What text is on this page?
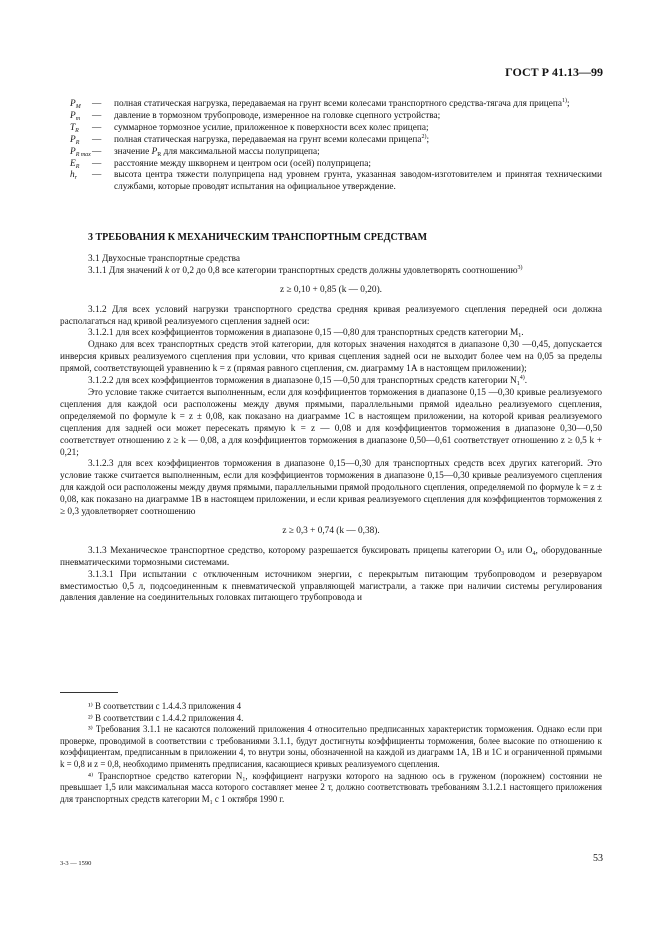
ГОСТ Р 41.13—99
$P_M$	— полная статическая нагрузка, передаваемая на грунт всеми колесами транспортного средства-тягача для прицепа$^{1)}$;
$P_m$	— давление в тормозном трубопроводе, измеренное на головке сцепного устройства;
$T_R$	— суммарное тормозное усилие, приложенное к поверхности всех колес прицепа;
$P_R$	— полная статическая нагрузка, передаваемая на грунт всеми колесами прицепа$^{2)}$;
$P_{R max}$ — значение $P_R$ для максимальной массы полуприцепа;
$E_R$	— расстояние между шкворнем и центром оси (осей) полуприцепа;
$h_r$	— высота центра тяжести полуприцепа над уровнем грунта, указанная заводом-изготовителем и принятая техническими службами, которые проводят испытания на официальное утверждение.

3 ТРЕБОВАНИЯ К МЕХАНИЧЕСКИМ ТРАНСПОРТНЫМ СРЕДСТВАМ

3.1 Двухосные транспортные средства

3.1.1 Для значений k от 0,2 до 0,8 все категории транспортных средств должны удовлетворять соотношению$^{3)}$

z ≥ 0,10 + 0,85 (k — 0,20).

3.1.2 Для всех условий нагрузки транспортного средства средняя кривая реализуемого сцепления передней оси должна располагаться над кривой реализуемого сцепления задней оси:

3.1.2.1 для всех коэффициентов торможения в диапазоне 0,15 —0,80 для транспортных средств категории $M_1$.

Однако для всех транспортных средств этой категории, для которых значения находятся в диапазоне 0,30 —0,45, допускается инверсия кривых реализуемого сцепления при условии, что кривая сцепления задней оси не выходит более чем на 0,05 за пределы прямой, соответствующей уравнению k = z (прямая равного сцепления, см. диаграмму 1А в настоящем приложении);

3.1.2.2 для всех коэффициентов торможения в диапазоне 0,15 —0,50 для транспортных средств категории $N_1^{4)}$.

Это условие также считается выполненным, если для коэффициентов торможения в диапазоне 0,15 —0,30 кривые реализуемого сцепления для каждой оси расположены между двумя прямыми, параллельными прямой идеально реализуемого сцепления, определяемой по формуле k = z ± 0,08, как показано на диаграмме 1С в настоящем приложении, на которой кривая реализуемого сцепления для задней оси может пересекать прямую k = z — 0,08 и для коэффициентов торможения в диапазоне 0,30—0,50 соответствует отношению z ≥ k — 0,08, а для коэффициентов торможения в диапазоне 0,50—0,61 соответствует отношению z ≥ 0,5 k + 0,21;

3.1.2.3 для всех коэффициентов торможения в диапазоне 0,15—0,30 для транспортных средств всех других категорий. Это условие также считается выполненным, если для коэффициентов торможения в диапазоне 0,15—0,30 кривые реализуемого сцепления для каждой оси расположены между двумя прямыми, параллельными прямой продольного сцепления, определяемой по формуле k = z ± 0,08, как показано на диаграмме 1В в настоящем приложении, и если кривая реализуемого сцепления для коэффициентов торможения z ≥ 0,3 удовлетворяет соотношению

z ≥ 0,3 + 0,74 (k — 0,38).

3.1.3 Механическое транспортное средство, которому разрешается буксировать прицепы категории $O_3$ или $O_4$, оборудованные пневматическими тормозными системами.

3.1.3.1 При испытании с отключенным источником энергии, с перекрытым питающим трубопроводом и резервуаром вместимостью 0,5 л, подсоединенным к пневматической управляющей магистрали, а также при наличии системы регулирования давления давление на соединительных головках питающего трубопровода и

¹⁾ В соответствии с 1.4.4.3 приложения 4

²⁾ В соответствии с 1.4.4.2 приложения 4.

³⁾ Требования 3.1.1 не касаются положений приложения 4 относительно предписанных характеристик торможения. Однако если при проверке, проводимой в соответствии с требованиями 3.1.1, будут достигнуты коэффициенты торможения, более высокие по отношению к коэффициентам, предписанным в приложении 4, то внутри зоны, обозначенной на каждой из диаграмм 1А, 1В и 1С и ограниченной прямыми k = 0,8 и z = 0,8, необходимо применять предписания, касающиеся кривых реализуемого сцепления.

⁴⁾ Транспортное средство категории N₁, коэффициент нагрузки которого на заднюю ось в груженом (порожнем) состоянии не превышает 1,5 или максимальная масса которого составляет менее 2 т, должно соответствовать требованиям 3.1.2.1 настоящего приложения для транспортных средств категории M₁ с 1 октября 1990 г.

3-3 — 1590	53
